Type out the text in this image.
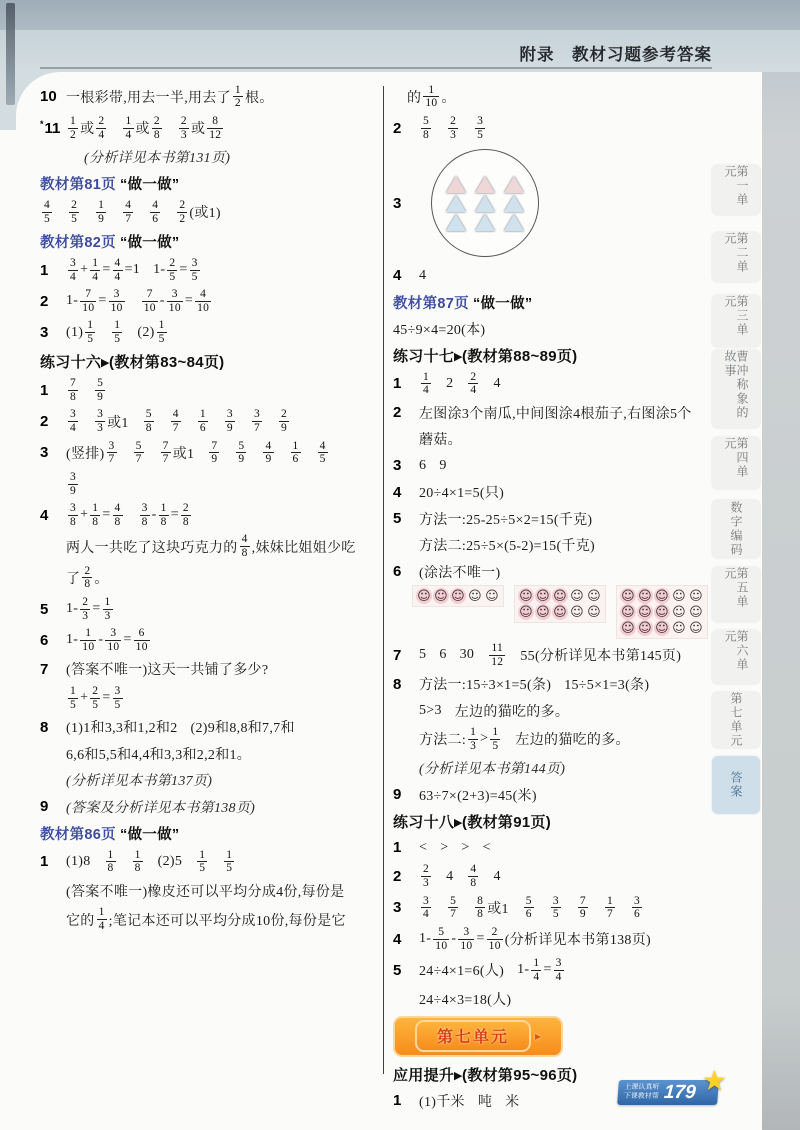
附录　教材习题参考答案
10 一根彩带,用去一半,用去了 $\frac{1}{2}$ 根。
$^*11 \frac{1}{2}$ 或 $\frac{2}{4} \frac{1}{4}$ 或 $\frac{2}{8} \frac{2}{3}$ 或 $\frac{8}{12}$
(分析详见本书第131页)
教材第81页 “做一做”
$\frac{4}{5} \frac{2}{5} \frac{1}{9} \frac{4}{7} \frac{4}{6} \frac{2}{2}$ (或1)
教材第82页 “做一做”
1	$\frac{3}{4} + \frac{1}{4} = \frac{4}{4} =1$ $1- \frac{2}{5} = \frac{3}{5}$
2	$1- \frac{7}{10} = \frac{3}{10} \frac{7}{10} - \frac{3}{10} = \frac{4}{10}$
3	$(1) \frac{1}{5} \frac{1}{5} (2) \frac{1}{5}$
练习十六▸(教材第83~84页)
1	$\frac{7}{8} \frac{5}{9}$
2	$\frac{3}{4} \frac{3}{3}$ 或$1 \frac{5}{8} \frac{4}{7} \frac{1}{6} \frac{3}{9} \frac{3}{7} \frac{2}{9}$
3	(竖排) $\frac{3}{7} \frac{5}{7} \frac{7}{7}$ 或$1 \frac{7}{9} \frac{5}{9} \frac{4}{9} \frac{1}{6} \frac{4}{5}$
$\frac{3}{9}$
4	$\frac{3}{8} + \frac{1}{8} = \frac{4}{8} \frac{3}{8} - \frac{1}{8} = \frac{2}{8}$
两人一共吃了这块巧克力的 $\frac{4}{8}$ ,妹妹比姐姐少吃
了 $\frac{2}{8}$ 。
5	$1- \frac{2}{3} = \frac{1}{3}$
6	$1- \frac{1}{10} - \frac{3}{10} = \frac{6}{10}$
7	(答案不唯一)这天一共铺了多少?
$\frac{1}{5} + \frac{2}{5} = \frac{3}{5}$
8	(1)1和3,3和1,2和2 (2)9和8,8和7,7和
6,6和5,5和4,4和3,3和2,2和1。
(分析详见本书第137页)
9	(答案及分析详见本书第138页)
教材第86页 “做一做”
1	$(1)8 \frac{1}{8} \frac{1}{8} (2)5 \frac{1}{5} \frac{1}{5}$
(答案不唯一)橡皮还可以平均分成4份,每份是
它的 $\frac{1}{4}$ ;笔记本还可以平均分成10份,每份是它
的 $\frac{1}{10}$ 。
2	$\frac{5}{8} \frac{2}{3} \frac{3}{5}$
3
4	4
教材第87页 “做一做”
45÷9×4=20(本)
练习十七▸(教材第88~89页)
1	$\frac{1}{4} 2 \frac{2}{4} 4$
2	左图涂3个南瓜,中间图涂4根茄子,右图涂5个
蘑菇。
3	6 9
4	20÷4×1=5(只)
5	方法一:25-25÷5×2=15(千克)
方法二:25÷5×(5-2)=15(千克)
6	(涂法不唯一)
☺ ☺ ☺ ☺ ☺ ☺ ☺ ☺ ☺ ☺
☺ ☺ ☺ ☺ ☺
☺ ☺ ☺ ☺ ☺
☺ ☺ ☺ ☺ ☺
☺ ☺ ☺ ☺ ☺
7	5 6 $30 \frac{11}{12} 55$(分析详见本书第145页)
8	方法一:15÷3×1=5(条) 15÷5×1=3(条)
5>3 左边的猫吃的多。
方法二: $\frac{1}{3} > \frac{1}{5}$ 左边的猫吃的多。
(分析详见本书第144页)
9	63÷7×(2+3)=45(米)
练习十八▸(教材第91页)
1	< > > <
2	$\frac{2}{3} 4 \frac{4}{8} 4$
3	$\frac{3}{4} \frac{5}{7} \frac{8}{8}$ 或$1 \frac{5}{6} \frac{3}{5} \frac{7}{9} \frac{1}{7} \frac{3}{6}$
4	$1- \frac{5}{10} - \frac{3}{10} = \frac{2}{10}$ (分析详见本书第138页)
5	24÷4×1=6(人) $1- \frac{1}{4} = \frac{3}{4}$
24÷4×3=18(人)
第七单元	▸
应用提升▸(教材第95~96页)
1	(1)千米 吨 米
第一单元
第二单元
第三单元
曹冲称象的故事
第四单元
数字编码
第五单元
第六单元
第七单元
答案
上课认真听
下课教材帮 179 ★
